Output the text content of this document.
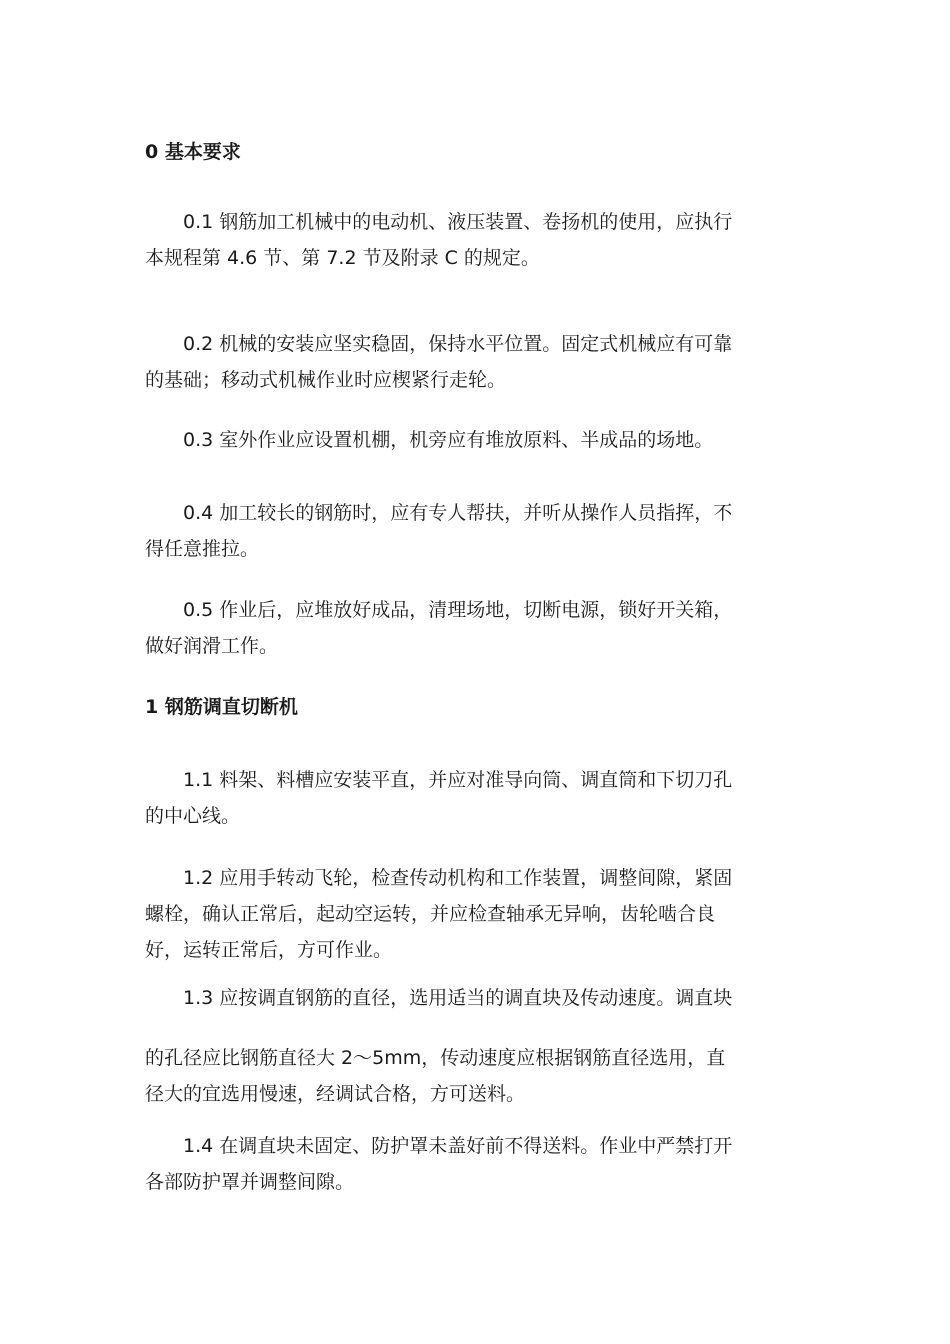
0 基本要求
0.1 钢筋加工机械中的电动机、液压装置、卷扬机的使用，应执行
本规程第 4.6 节、第 7.2 节及附录 C 的规定。
0.2 机械的安装应坚实稳固，保持水平位置。固定式机械应有可靠
的基础；移动式机械作业时应楔紧行走轮。
0.3 室外作业应设置机棚，机旁应有堆放原料、半成品的场地。
0.4 加工较长的钢筋时，应有专人帮扶，并听从操作人员指挥，不
得任意推拉。
0.5 作业后，应堆放好成品，清理场地，切断电源，锁好开关箱，
做好润滑工作。
1 钢筋调直切断机
1.1 料架、料槽应安装平直，并应对准导向筒、调直筒和下切刀孔
的中心线。
1.2 应用手转动飞轮，检查传动机构和工作装置，调整间隙，紧固
螺栓，确认正常后，起动空运转，并应检查轴承无异响，齿轮啮合良
好，运转正常后，方可作业。
1.3 应按调直钢筋的直径，选用适当的调直块及传动速度。调直块
的孔径应比钢筋直径大 2～5mm，传动速度应根据钢筋直径选用，直
径大的宜选用慢速，经调试合格，方可送料。
1.4 在调直块未固定、防护罩未盖好前不得送料。作业中严禁打开
各部防护罩并调整间隙。
